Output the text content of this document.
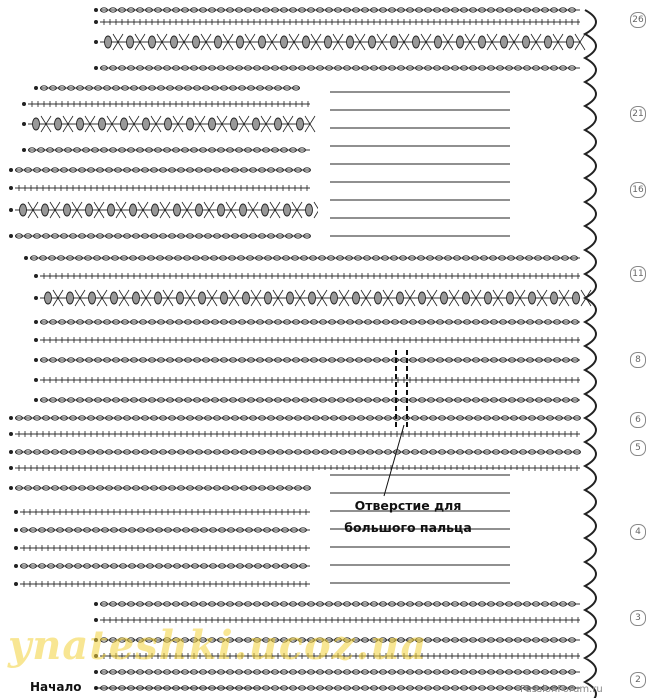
ynateshki.ucoz.ua
PassionForum.ru
Отверстие для
большого пальца
Начало
26
21
16
11
8
6
5
4
3
2
